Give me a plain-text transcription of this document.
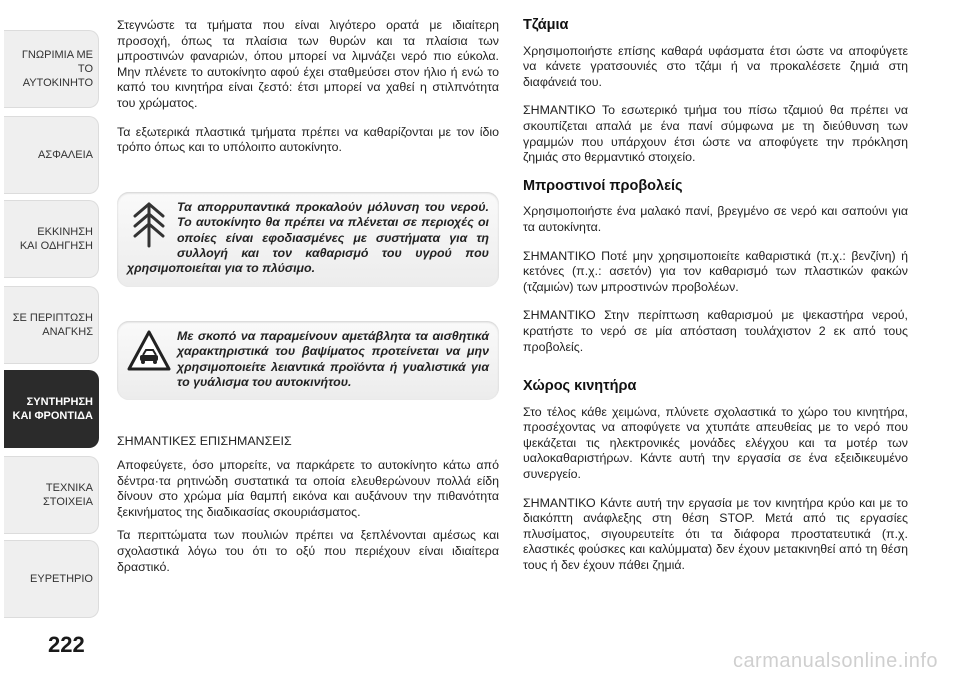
ΓΝΩΡΙΜΙΑ ΜΕ ΤΟ
ΑΥΤΟΚΙΝΗΤΟ
ΑΣΦΑΛΕΙΑ
ΕΚΚΙΝΗΣΗ
ΚΑΙ ΟΔΗΓΗΣΗ
ΣΕ ΠΕΡΙΠΤΩΣΗ
ΑΝΑΓΚΗΣ
ΣΥΝΤΗΡΗΣΗ
ΚΑΙ ΦΡΟΝΤΙΔΑ
ΤΕΧΝΙΚΑ
ΣΤΟΙΧΕΙΑ
ΕΥΡΕΤΗΡΙΟ
222

Στεγνώστε τα τμήματα που είναι λιγότερο ορατά με ιδιαίτερη προσοχή, όπως τα πλαίσια των θυρών και τα πλαίσια των μπροστινών φαναριών, όπου μπορεί να λιμνάζει νερό πιο εύκολα. Μην πλένετε το αυτοκίνητο αφού έχει σταθμεύσει στον ήλιο ή ενώ το καπό του κινητήρα είναι ζεστό: έτσι μπορεί να χαθεί η στιλπνότητα του χρώματος.

Τα εξωτερικά πλαστικά τμήματα πρέπει να καθαρίζονται με τον ίδιο τρόπο όπως και το υπόλοιπο αυτοκίνητο.

Τα απορρυπαντικά προκαλούν μόλυνση του νερού. Το αυτοκίνητο θα πρέπει να πλένεται σε περιοχές οι οποίες είναι εφοδιασμένες με συστήματα για τη συλλογή και τον καθαρισμό του υγρού που χρησιμοποιείται για το πλύσιμο.
Με σκοπό να παραμείνουν αμετάβλητα τα αισθητικά χαρακτηριστικά του βαψίματος προτείνεται να μην χρησιμοποιείτε λειαντικά προϊόντα ή γυαλιστικά για το γυάλισμα του αυτοκινήτου.

ΣΗΜΑΝΤΙΚΕΣ ΕΠΙΣΗΜΑΝΣΕΙΣ

Αποφεύγετε, όσο μπορείτε, να παρκάρετε το αυτοκίνητο κάτω από δέντρα·τα ρητινώδη συστατικά τα οποία ελευθερώνουν πολλά είδη δίνουν στο χρώμα μία θαμπή εικόνα και αυξάνουν την πιθανότητα ξεκινήματος της διαδικασίας σκουριάσματος.

Τα περιττώματα των πουλιών πρέπει να ξεπλένονται αμέσως και σχολαστικά λόγω του ότι το οξύ που περιέχουν είναι ιδιαίτερα δραστικό.

Τζάμια

Χρησιμοποιήστε επίσης καθαρά υφάσματα έτσι ώστε να αποφύγετε να κάνετε γρατσουνιές στο τζάμι ή να προκαλέσετε ζημιά στη διαφάνειά του.

ΣΗΜΑΝΤΙΚΟ Το εσωτερικό τμήμα του πίσω τζαμιού θα πρέπει να σκουπίζεται απαλά με ένα πανί σύμφωνα με τη διεύθυνση των γραμμών που υπάρχουν έτσι ώστε να αποφύγετε την πρόκληση ζημιάς στο θερμαντικό στοιχείο.

Μπροστινοί προβολείς

Χρησιμοποιήστε ένα μαλακό πανί, βρεγμένο σε νερό και σαπούνι για τα αυτοκίνητα.

ΣΗΜΑΝΤΙΚΟ Ποτέ μην χρησιμοποιείτε καθαριστικά (π.χ.: βενζίνη) ή κετόνες (π.χ.: ασετόν) για τον καθαρισμό των πλαστικών φακών (τζαμιών) των μπροστινών προβολέων.

ΣΗΜΑΝΤΙΚΟ Στην περίπτωση καθαρισμού με ψεκαστήρα νερού, κρατήστε το νερό σε μία απόσταση τουλάχιστον 2 εκ από τους προβολείς.

Χώρος κινητήρα

Στο τέλος κάθε χειμώνα, πλύνετε σχολαστικά το χώρο του κινητήρα, προσέχοντας να αποφύγετε να χτυπάτε απευθείας με το νερό που ψεκάζεται τις ηλεκτρονικές μονάδες ελέγχου και τα μοτέρ των υαλοκαθαριστήρων. Κάντε αυτή την εργασία σε ένα εξειδικευμένο συνεργείο.

ΣΗΜΑΝΤΙΚΟ Κάντε αυτή την εργασία με τον κινητήρα κρύο και με το διακόπτη ανάφλεξης στη θέση STOP. Μετά από τις εργασίες πλυσίματος, σιγουρευτείτε ότι τα διάφορα προστατευτικά (π.χ. ελαστικές φούσκες και καλύμματα) δεν έχουν μετακινηθεί από τη θέση τους ή δεν έχουν πάθει ζημιά.

carmanualsonline.info
